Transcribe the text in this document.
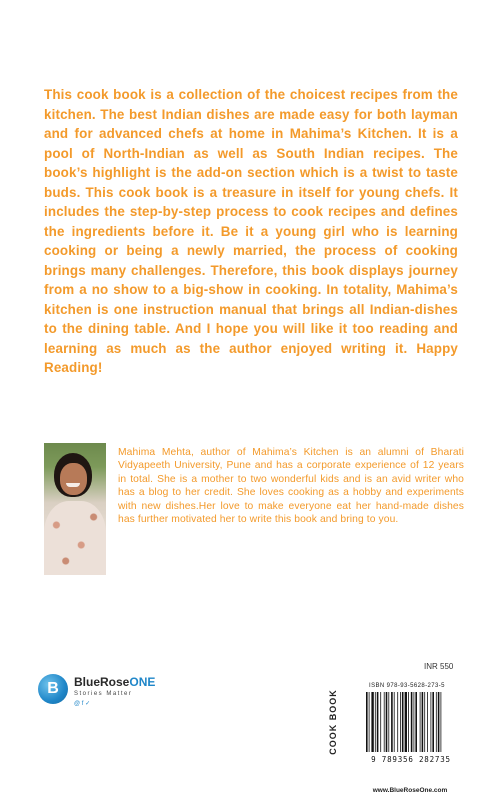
This cook book is a collection of the choicest recipes from the kitchen. The best Indian dishes are made easy for both layman and for advanced chefs at home in Mahima’s Kitchen. It is a pool of North-Indian as well as South Indian recipes. The book’s highlight is the add-on section which is a twist to taste buds. This cook book is a treasure in itself for young chefs. It includes the step-by-step process to cook recipes and defines the ingredients before it. Be it a young girl who is learning cooking or being a newly married, the process of cooking brings many challenges. Therefore, this book displays journey from a no show to a big-show in cooking. In totality, Mahima’s kitchen is one instruction manual that brings all Indian-dishes to the dining table. And I hope you will like it too reading and learning as much as the author enjoyed writing it. Happy Reading!
Mahima Mehta, author of Mahima’s Kitchen is an alumni of Bharati Vidyapeeth University, Pune and has a corporate experience of 12 years in total. She is a mother to two wonderful kids and is an avid writer who has a blog to her credit. She loves cooking as a hobby and experiments with new dishes.Her love to make everyone eat her hand-made dishes has further motivated her to write this book and bring to you.
B	BlueRoseONE
Stories Matter
@ f ✓
INR 550
COOK BOOK
ISBN 978-93-5628-273-5
9 789356 282735
www.BlueRoseOne.com
